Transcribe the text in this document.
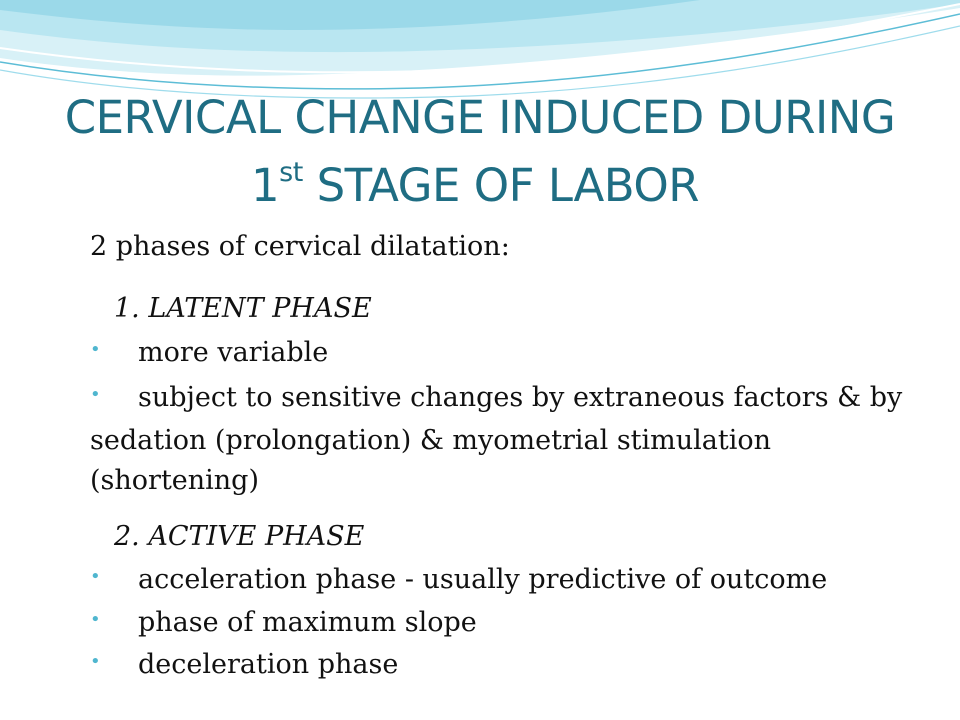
CERVICAL CHANGE INDUCED DURING
1st STAGE OF LABOR
2 phases of cervical dilatation:
1. LATENT PHASE
• more variable
• subject to sensitive changes by extraneous factors & by sedation (prolongation) & myometrial stimulation (shortening)
2. ACTIVE PHASE
• acceleration phase - usually predictive of outcome
• phase of maximum slope
• deceleration phase
